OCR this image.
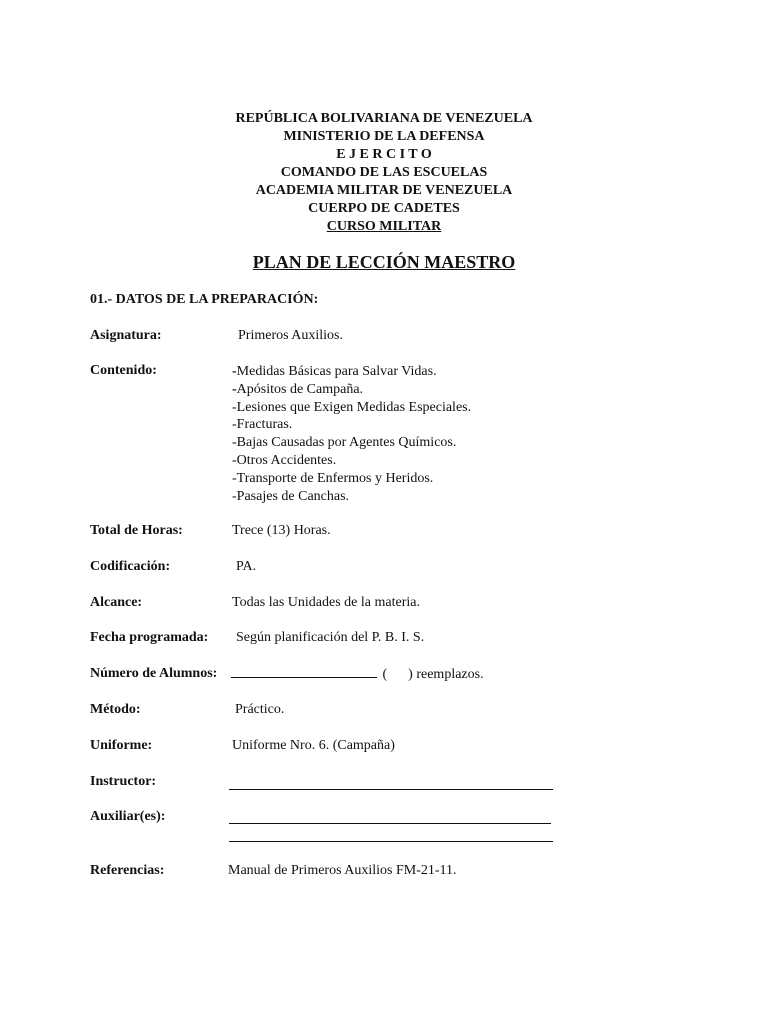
REPÚBLICA BOLIVARIANA DE VENEZUELA
MINISTERIO DE LA DEFENSA
E J E R C I T O
COMANDO DE LAS ESCUELAS
ACADEMIA MILITAR DE VENEZUELA
CUERPO DE CADETES
CURSO MILITAR
PLAN DE LECCIÓN MAESTRO
01.- DATOS DE LA PREPARACIÓN:
Asignatura:	Primeros Auxilios.
Contenido:	-Medidas Básicas para Salvar Vidas.
-Apósitos de Campaña.
-Lesiones que Exigen Medidas Especiales.
-Fracturas.
-Bajas Causadas por Agentes Químicos.
-Otros Accidentes.
-Transporte de Enfermos y Heridos.
-Pasajes de Canchas.
Total de Horas:	Trece (13) Horas.
Codificación:	PA.
Alcance:	Todas las Unidades de la materia.
Fecha programada: Según planificación del P. B. I. S.
Número de Alumnos:	( ) reemplazos.
Método:	Práctico.
Uniforme:	Uniforme Nro. 6. (Campaña)
Instructor:
Auxiliar(es):
Referencias:	Manual de Primeros Auxilios FM-21-11.
